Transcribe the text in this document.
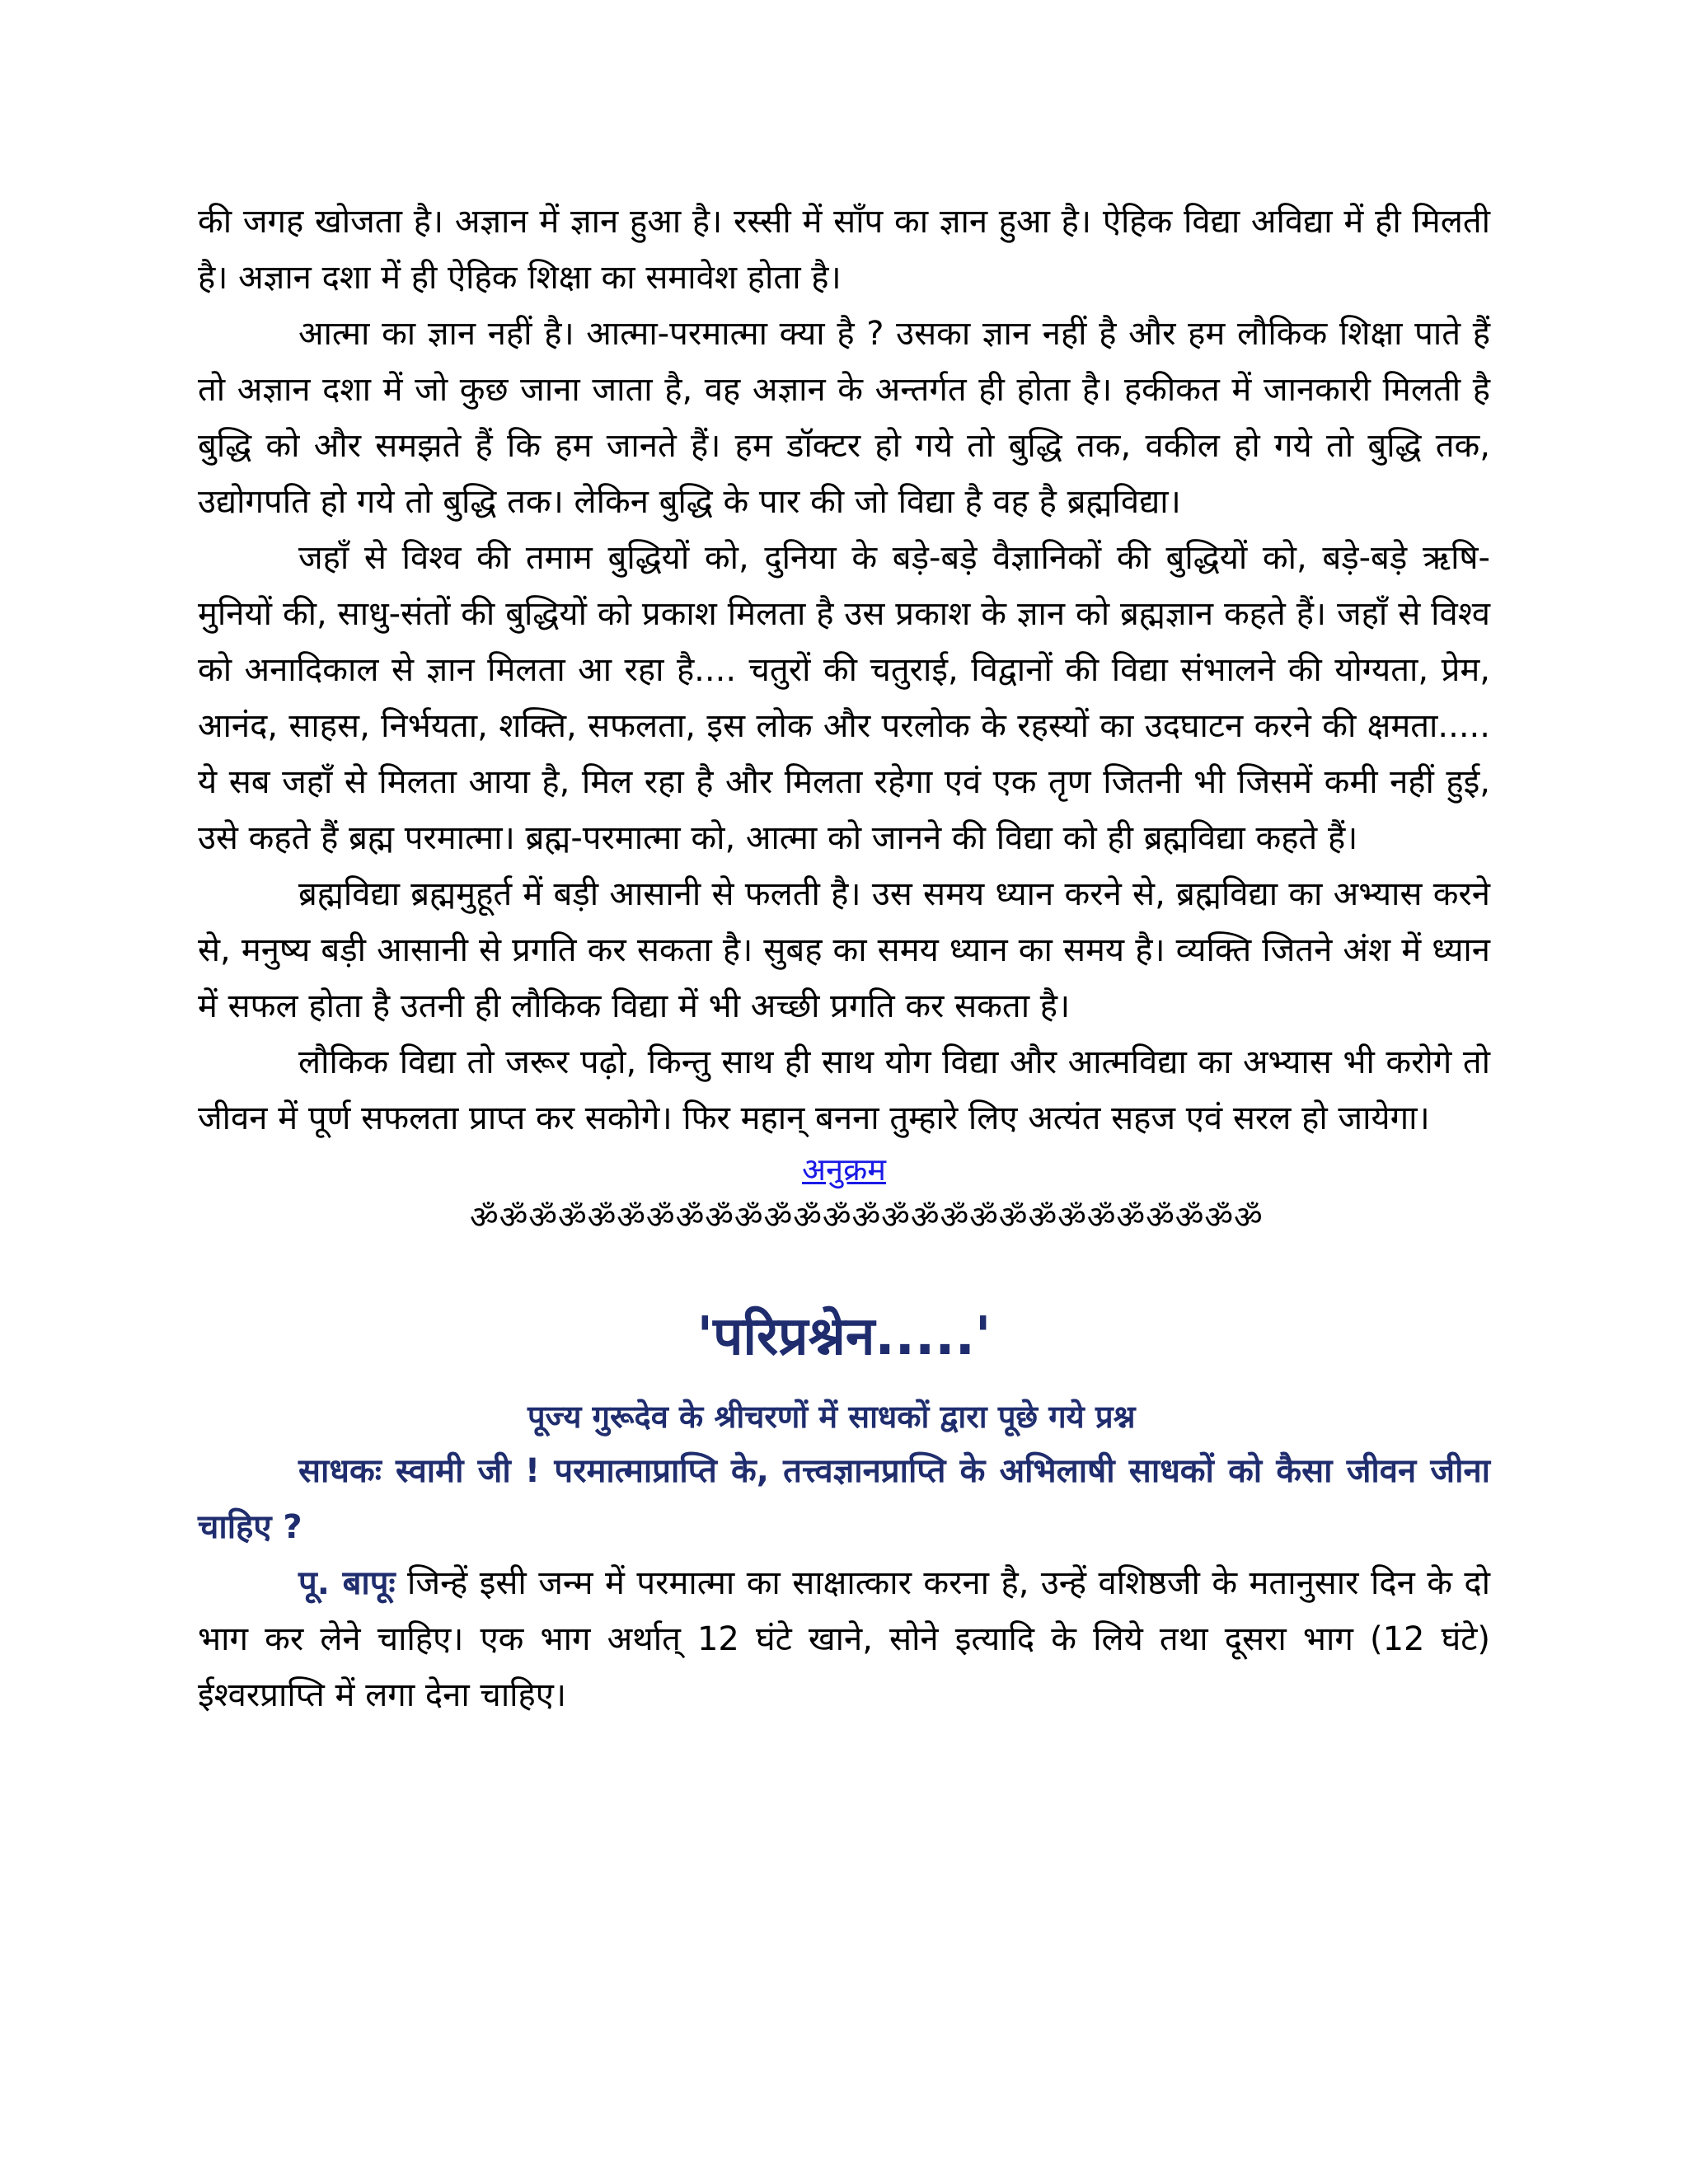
की जगह खोजता है। अज्ञान में ज्ञान हुआ है। रस्सी में साँप का ज्ञान हुआ है। ऐहिक विद्या अविद्या में ही मिलती है। अज्ञान दशा में ही ऐहिक शिक्षा का समावेश होता है।

आत्मा का ज्ञान नहीं है। आत्मा-परमात्मा क्या है ? उसका ज्ञान नहीं है और हम लौकिक शिक्षा पाते हैं तो अज्ञान दशा में जो कुछ जाना जाता है, वह अज्ञान के अन्तर्गत ही होता है। हकीकत में जानकारी मिलती है बुद्धि को और समझते हैं कि हम जानते हैं। हम डॉक्टर हो गये तो बुद्धि तक, वकील हो गये तो बुद्धि तक, उद्योगपति हो गये तो बुद्धि तक। लेकिन बुद्धि के पार की जो विद्या है वह है ब्रह्मविद्या।

जहाँ से विश्व की तमाम बुद्धियों को, दुनिया के बड़े-बड़े वैज्ञानिकों की बुद्धियों को, बड़े-बड़े ऋषि-मुनियों की, साधु-संतों की बुद्धियों को प्रकाश मिलता है उस प्रकाश के ज्ञान को ब्रह्मज्ञान कहते हैं। जहाँ से विश्व को अनादिकाल से ज्ञान मिलता आ रहा है.... चतुरों की चतुराई, विद्वानों की विद्या संभालने की योग्यता, प्रेम, आनंद, साहस, निर्भयता, शक्ति, सफलता, इस लोक और परलोक के रहस्यों का उदघाटन करने की क्षमता..... ये सब जहाँ से मिलता आया है, मिल रहा है और मिलता रहेगा एवं एक तृण जितनी भी जिसमें कमी नहीं हुई, उसे कहते हैं ब्रह्म परमात्मा। ब्रह्म-परमात्मा को, आत्मा को जानने की विद्या को ही ब्रह्मविद्या कहते हैं।

ब्रह्मविद्या ब्रह्ममुहूर्त में बड़ी आसानी से फलती है। उस समय ध्यान करने से, ब्रह्मविद्या का अभ्यास करने से, मनुष्य बड़ी आसानी से प्रगति कर सकता है। सुबह का समय ध्यान का समय है। व्यक्ति जितने अंश में ध्यान में सफल होता है उतनी ही लौकिक विद्या में भी अच्छी प्रगति कर सकता है।

लौकिक विद्या तो जरूर पढ़ो, किन्तु साथ ही साथ योग विद्या और आत्मविद्या का अभ्यास भी करोगे तो जीवन में पूर्ण सफलता प्राप्त कर सकोगे। फिर महान् बनना तुम्हारे लिए अत्यंत सहज एवं सरल हो जायेगा।

अनुक्रम

ॐॐॐॐॐॐॐॐॐॐॐॐॐॐॐॐॐॐॐॐॐॐॐॐॐॐॐ

'परिप्रश्नेन.....'

पूज्य गुरूदेव के श्रीचरणों में साधकों द्वारा पूछे गये प्रश्न

साधकः स्वामी जी ! परमात्माप्राप्ति के, तत्त्वज्ञानप्राप्ति के अभिलाषी साधकों को कैसा जीवन जीना चाहिए ?

पू. बापूः जिन्हें इसी जन्म में परमात्मा का साक्षात्कार करना है, उन्हें वशिष्ठजी के मतानुसार दिन के दो भाग कर लेने चाहिए। एक भाग अर्थात् 12 घंटे खाने, सोने इत्यादि के लिये तथा दूसरा भाग (12 घंटे) ईश्वरप्राप्ति में लगा देना चाहिए।
